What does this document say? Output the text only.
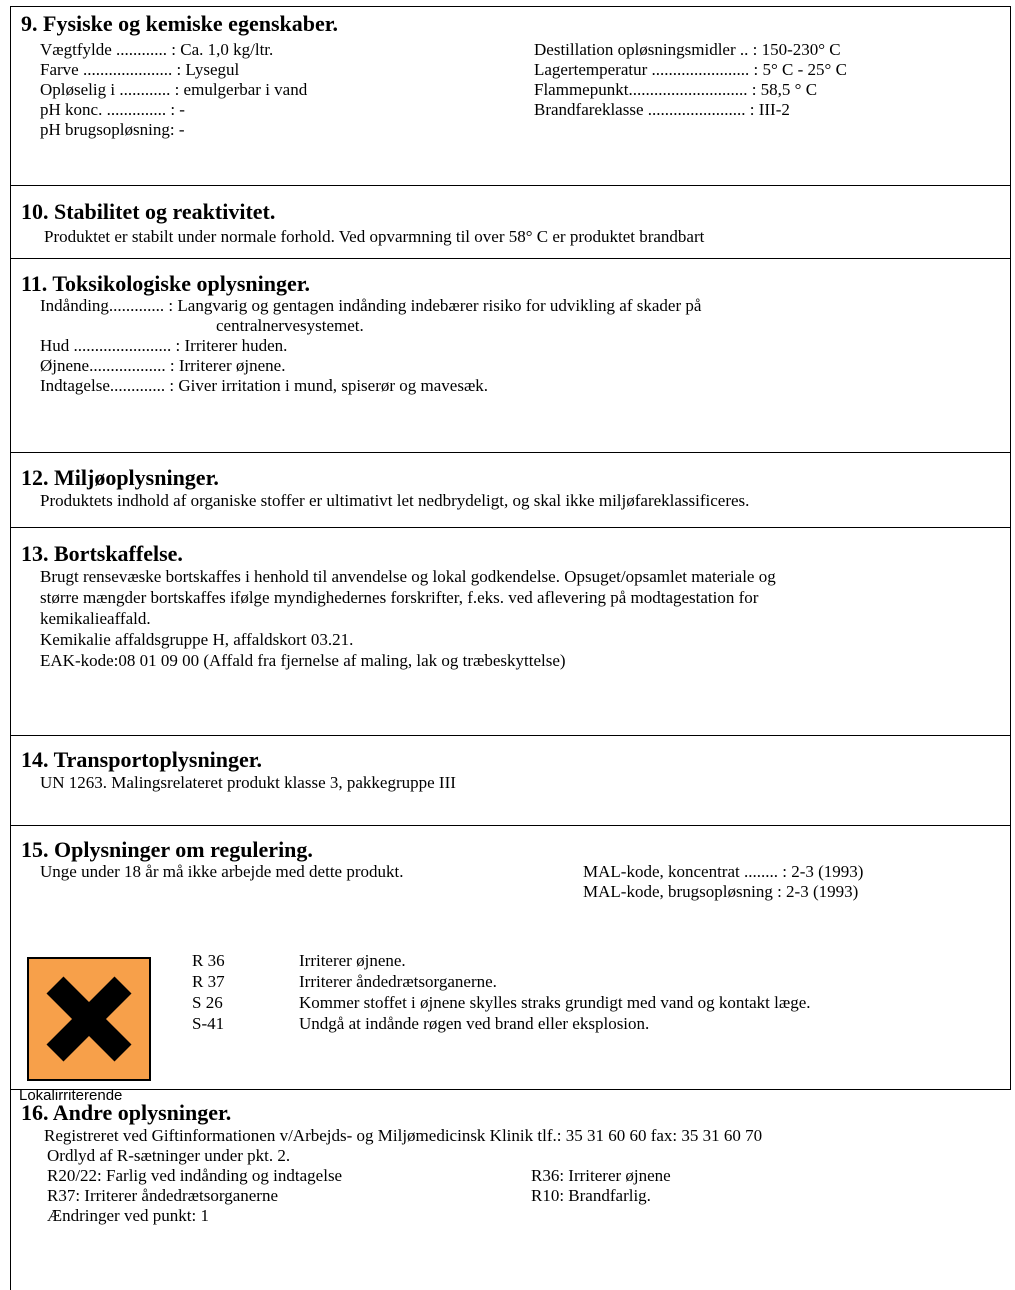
9. Fysiske og kemiske egenskaber.
Vægtfylde ............ : Ca. 1,0 kg/ltr.
Farve ..................... : Lysegul
Opløselig i ............ : emulgerbar i vand
pH konc. .............. : -
pH brugsopløsning: -
Destillation opløsningsmidler .. : 150-230° C
Lagertemperatur ....................... : 5° C - 25° C
Flammepunkt............................ : 58,5 ° C
Brandfareklasse ....................... : III-2
10. Stabilitet og reaktivitet.
Produktet er stabilt under normale forhold. Ved opvarmning til over 58° C er produktet brandbart
11. Toksikologiske oplysninger.
Indånding............. : Langvarig og gentagen indånding indebærer risiko for udvikling af skader på
centralnervesystemet.
Hud ....................... : Irriterer huden.
Øjnene.................. : Irriterer øjnene.
Indtagelse............. : Giver irritation i mund, spiserør og mavesæk.
12. Miljøoplysninger.
Produktets indhold af organiske stoffer er ultimativt let nedbrydeligt, og skal ikke miljøfareklassificeres.
13. Bortskaffelse.
Brugt rensevæske bortskaffes i henhold til anvendelse og lokal godkendelse. Opsuget/opsamlet materiale og
større mængder bortskaffes ifølge myndighedernes forskrifter, f.eks. ved aflevering på modtagestation for
kemikalieaffald.
Kemikalie affaldsgruppe H, affaldskort 03.21.
EAK-kode:08 01 09 00 (Affald fra fjernelse af maling, lak og træbeskyttelse)
14. Transportoplysninger.
UN 1263. Malingsrelateret produkt klasse 3, pakkegruppe III
15. Oplysninger om regulering.
Unge under 18 år må ikke arbejde med dette produkt.	MAL-kode, koncentrat ........ : 2-3 (1993)
MAL-kode, brugsopløsning : 2-3 (1993)
Lokalirriterende
R 36	Irriterer øjnene.
R 37	Irriterer åndedrætsorganerne.
S 26	Kommer stoffet i øjnene skylles straks grundigt med vand og kontakt læge.
S-41	Undgå at indånde røgen ved brand eller eksplosion.
16. Andre oplysninger.
Registreret ved Giftinformationen v/Arbejds- og Miljømedicinsk Klinik tlf.: 35 31 60 60 fax: 35 31 60 70
Ordlyd af R-sætninger under pkt. 2.
R20/22: Farlig ved indånding og indtagelse	R36: Irriterer øjnene
R37: Irriterer åndedrætsorganerne	R10: Brandfarlig.
Ændringer ved punkt: 1
